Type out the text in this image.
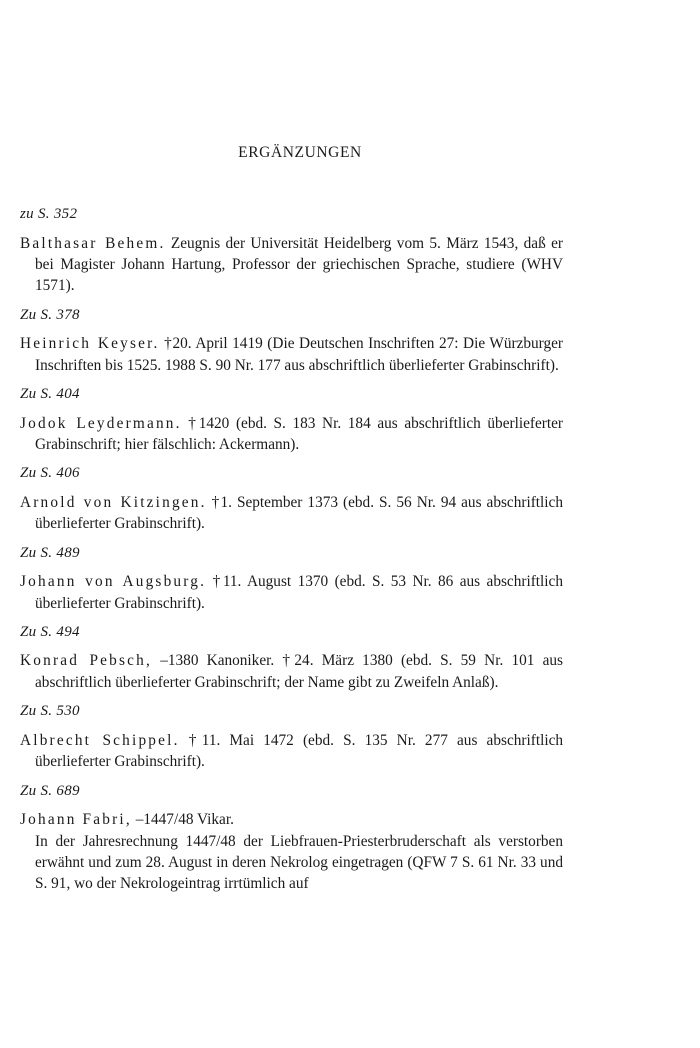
ERGÄNZUNGEN

zu S. 352

Balthasar Behem. Zeugnis der Universität Heidelberg vom 5. März 1543, daß er bei Magister Johann Hartung, Professor der griechischen Sprache, studiere (WHV 1571).

Zu S. 378

Heinrich Keyser. †20. April 1419 (Die Deutschen Inschriften 27: Die Würzburger Inschriften bis 1525. 1988 S. 90 Nr. 177 aus abschriftlich überlieferter Grabinschrift).

Zu S. 404

Jodok Leydermann. †1420 (ebd. S. 183 Nr. 184 aus abschriftlich überlieferter Grabinschrift; hier fälschlich: Ackermann).

Zu S. 406

Arnold von Kitzingen. †1. September 1373 (ebd. S. 56 Nr. 94 aus abschriftlich überlieferter Grabinschrift).

Zu S. 489

Johann von Augsburg. †11. August 1370 (ebd. S. 53 Nr. 86 aus abschriftlich überlieferter Grabinschrift).

Zu S. 494

Konrad Pebsch, –1380 Kanoniker. †24. März 1380 (ebd. S. 59 Nr. 101 aus abschriftlich überlieferter Grabinschrift; der Name gibt zu Zweifeln Anlaß).

Zu S. 530

Albrecht Schippel. †11. Mai 1472 (ebd. S. 135 Nr. 277 aus abschriftlich überlieferter Grabinschrift).

Zu S. 689

Johann Fabri, –1447/48 Vikar.
In der Jahresrechnung 1447/48 der Liebfrauen-Priesterbruderschaft als verstorben erwähnt und zum 28. August in deren Nekrolog eingetragen (QFW 7 S. 61 Nr. 33 und S. 91, wo der Nekrologeintrag irrtümlich auf
